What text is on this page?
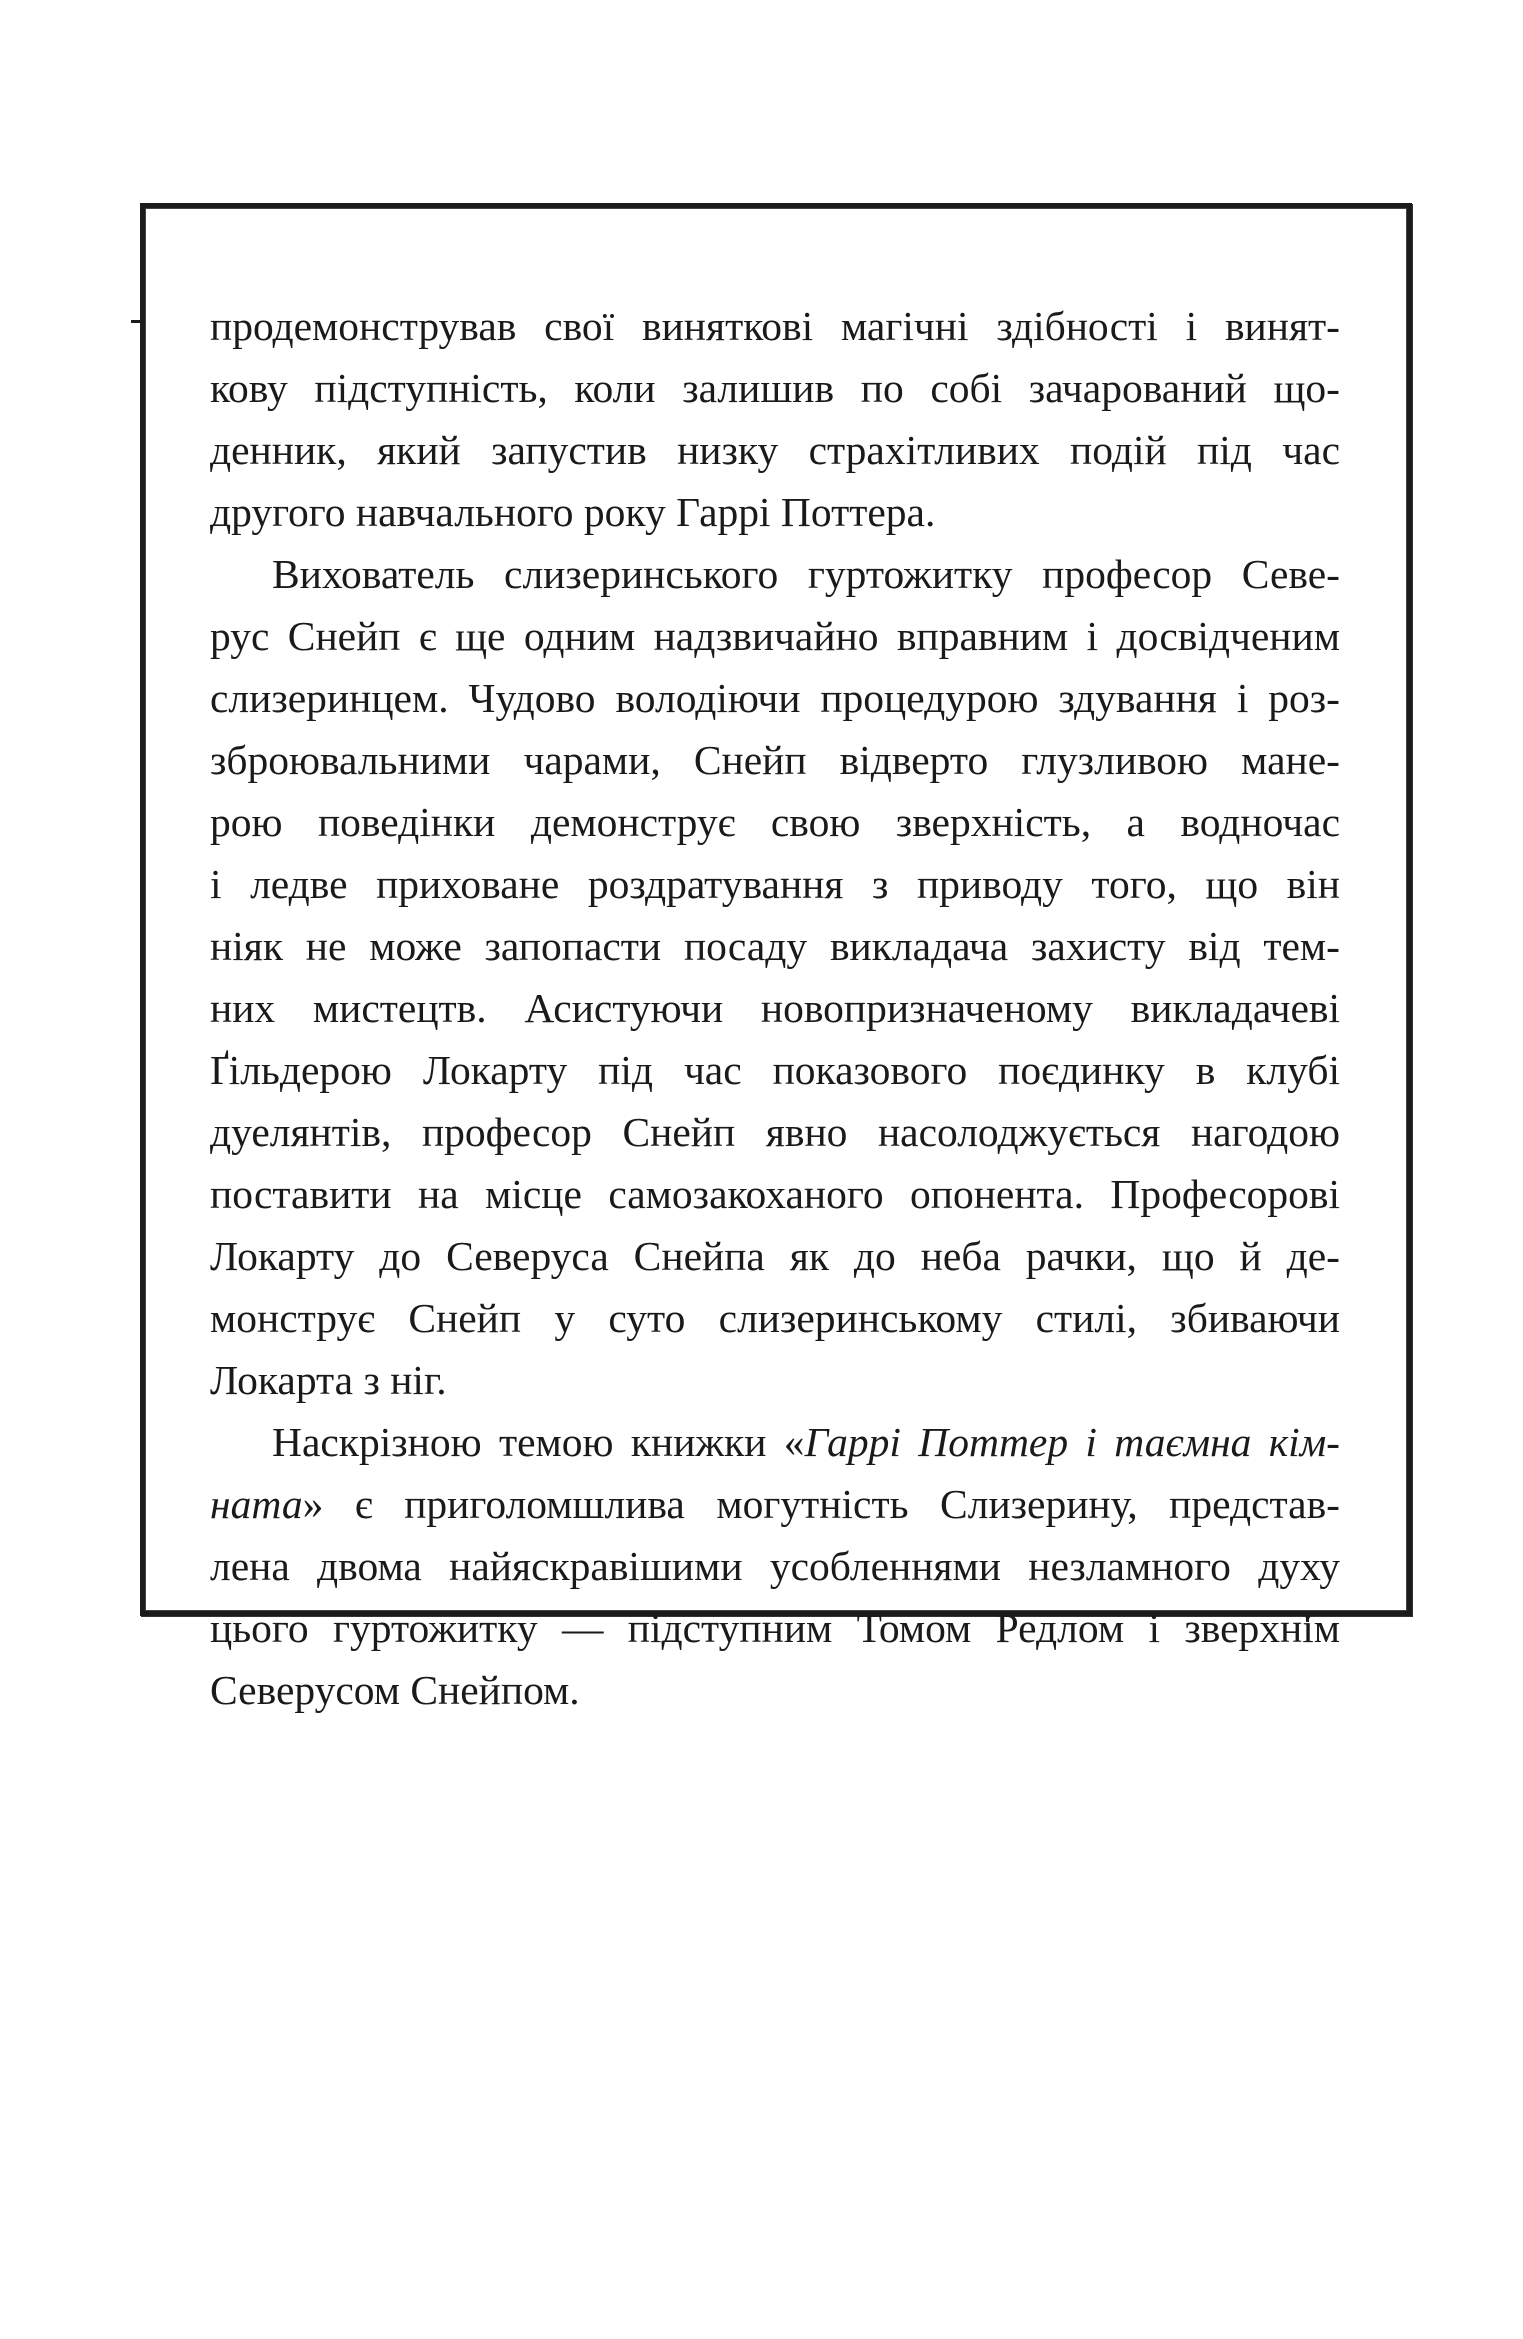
продемонстрував свої виняткові магічні здібності і винят-
кову підступність, коли залишив по собі зачарований що-
денник, який запустив низку страхітливих подій під час
другого навчального року Гаррі Поттера.
Вихователь слизеринського гуртожитку професор Севе-
рус Снейп є ще одним надзвичайно вправним і досвідченим
слизеринцем. Чудово володіючи процедурою здування і роз-
зброювальними чарами, Снейп відверто глузливою мане-
рою поведінки демонструє свою зверхність, а водночас
і ледве приховане роздратування з приводу того, що він
ніяк не може запопасти посаду викладача захисту від тем-
них мистецтв. Асистуючи новопризначеному викладачеві
Ґільдерою Локарту під час показового поєдинку в клубі
дуелянтів, професор Снейп явно насолоджується нагодою
поставити на місце самозакоханого опонента. Професорові
Локарту до Северуса Снейпа як до неба рачки, що й де-
монструє Снейп у суто слизеринському стилі, збиваючи
Локарта з ніг.
Наскрізною темою книжки «Гаррі Поттер і таємна кім-
ната» є приголомшлива могутність Слизерину, представ-
лена двома найяскравішими усобленнями незламного духу
цього гуртожитку — підступним Томом Редлом і зверхнім
Северусом Снейпом.
